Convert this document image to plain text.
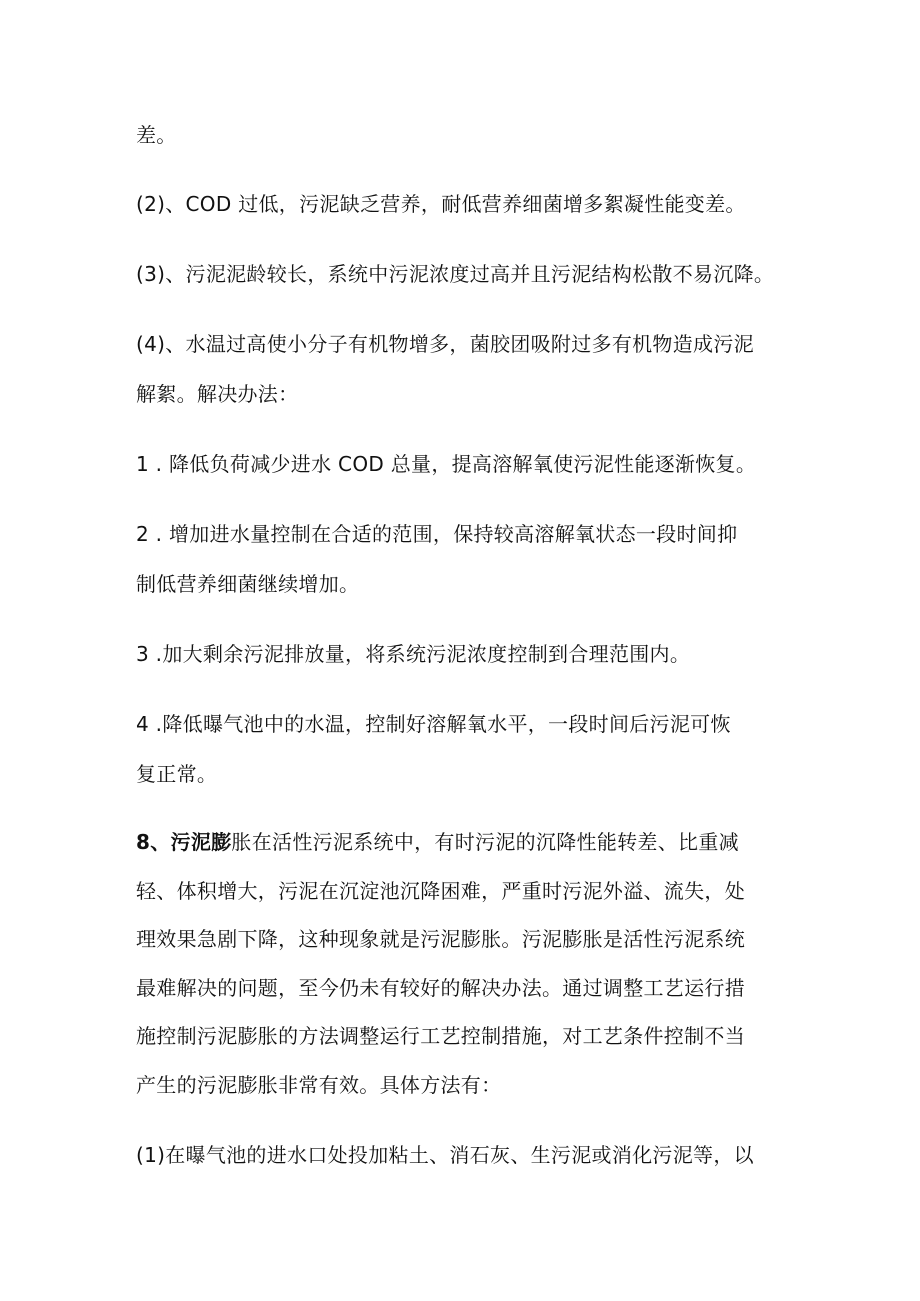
差。
(2)、COD 过低，污泥缺乏营养，耐低营养细菌增多絮凝性能变差。
(3)、污泥泥龄较长，系统中污泥浓度过高并且污泥结构松散不易沉降。
(4)、水温过高使小分子有机物增多，菌胶团吸附过多有机物造成污泥
解絮。解决办法：
1 . 降低负荷减少进水 COD 总量，提高溶解氧使污泥性能逐渐恢复。
2 . 增加进水量控制在合适的范围，保持较高溶解氧状态一段时间抑
制低营养细菌继续增加。
3 .加大剩余污泥排放量，将系统污泥浓度控制到合理范围内。
4 .降低曝气池中的水温，控制好溶解氧水平，一段时间后污泥可恢
复正常。
8、污泥膨胀在活性污泥系统中，有时污泥的沉降性能转差、比重减
轻、体积增大，污泥在沉淀池沉降困难，严重时污泥外溢、流失，处
理效果急剧下降，这种现象就是污泥膨胀。污泥膨胀是活性污泥系统
最难解决的问题，至今仍未有较好的解决办法。通过调整工艺运行措
施控制污泥膨胀的方法调整运行工艺控制措施，对工艺条件控制不当
产生的污泥膨胀非常有效。具体方法有：
(1)在曝气池的进水口处投加粘土、消石灰、生污泥或消化污泥等，以
